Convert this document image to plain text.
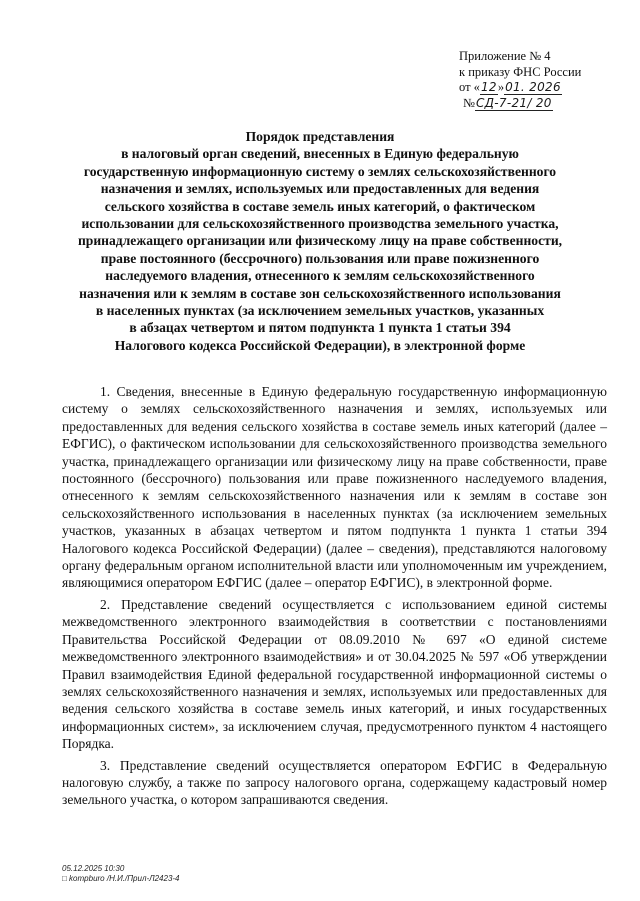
Приложение № 4
к приказу ФНС России
от «12»01. 2026
№СД-7-21/ 20
Порядок представления
в налоговый орган сведений, внесенных в Единую федеральную
государственную информационную систему о землях сельскохозяйственного
назначения и землях, используемых или предоставленных для ведения
сельского хозяйства в составе земель иных категорий, о фактическом
использовании для сельскохозяйственного производства земельного участка,
принадлежащего организации или физическому лицу на праве собственности,
праве постоянного (бессрочного) пользования или праве пожизненного
наследуемого владения, отнесенного к землям сельскохозяйственного
назначения или к землям в составе зон сельскохозяйственного использования
в населенных пунктах (за исключением земельных участков, указанных
в абзацах четвертом и пятом подпункта 1 пункта 1 статьи 394
Налогового кодекса Российской Федерации), в электронной форме

1. Сведения, внесенные в Единую федеральную государственную информационную систему о землях сельскохозяйственного назначения и землях, используемых или предоставленных для ведения сельского хозяйства в составе земель иных категорий (далее – ЕФГИС), о фактическом использовании для сельскохозяйственного производства земельного участка, принадлежащего организации или физическому лицу на праве собственности, праве постоянного (бессрочного) пользования или праве пожизненного наследуемого владения, отнесенного к землям сельскохозяйственного назначения или к землям в составе зон сельскохозяйственного использования в населенных пунктах (за исключением земельных участков, указанных в абзацах четвертом и пятом подпункта 1 пункта 1 статьи 394 Налогового кодекса Российской Федерации) (далее – сведения), представляются налоговому органу федеральным органом исполнительной власти или уполномоченным им учреждением, являющимися оператором ЕФГИС (далее – оператор ЕФГИС), в электронной форме.

2. Представление сведений осуществляется с использованием единой системы межведомственного электронного взаимодействия в соответствии с постановлениями Правительства Российской Федерации от 08.09.2010 № 697 «О единой системе межведомственного электронного взаимодействия» и от 30.04.2025 № 597 «Об утверждении Правил взаимодействия Единой федеральной государственной информационной системы о землях сельскохозяйственного назначения и землях, используемых или предоставленных для ведения сельского хозяйства в составе земель иных категорий, и иных государственных информационных систем», за исключением случая, предусмотренного пунктом 4 настоящего Порядка.

3. Представление сведений осуществляется оператором ЕФГИС в Федеральную налоговую службу, а также по запросу налогового органа, содержащему кадастровый номер земельного участка, о котором запрашиваются сведения.

05.12.2025 10:30
□ kompburo /Н.И./Прил-Л2423-4
